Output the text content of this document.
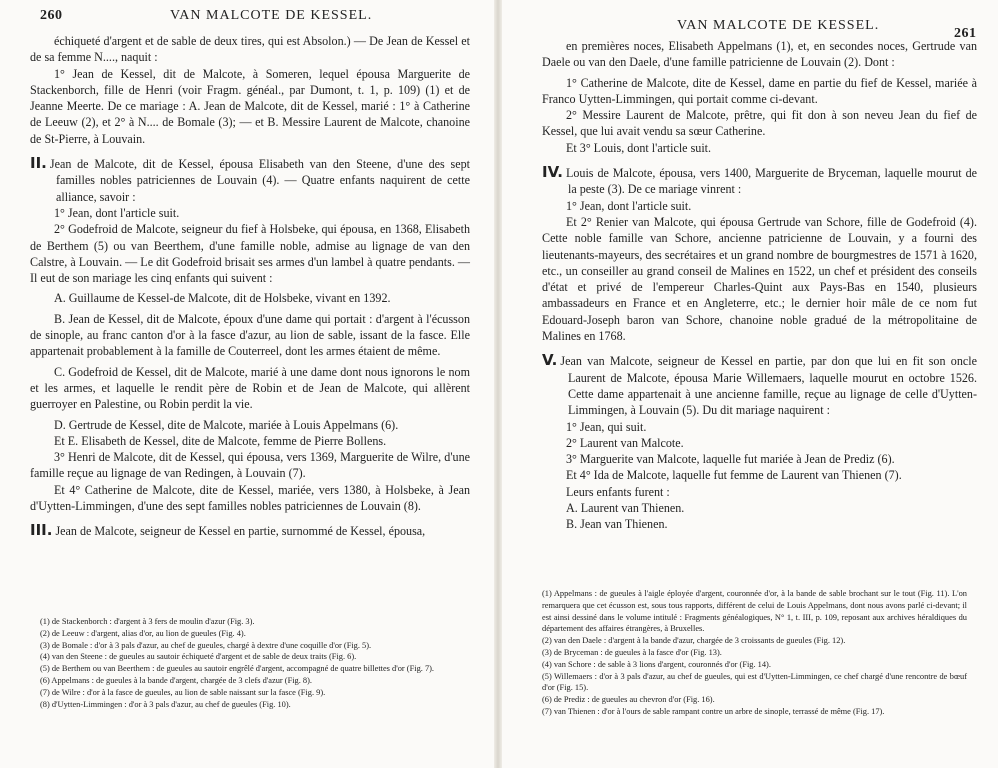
260	VAN MALCOTE DE KESSEL.

échiqueté d'argent et de sable de deux tires, qui est Absolon.) — De Jean de Kessel et de sa femme N...., naquit :

1° Jean de Kessel, dit de Malcote, à Someren, lequel épousa Marguerite de Stackenborch, fille de Henri (voir Fragm. généal., par Dumont, t. 1, p. 109) (1) et de Jeanne Meerte. De ce mariage : A. Jean de Malcote, dit de Kessel, marié : 1° à Catherine de Leeuw (2), et 2° à N.... de Bomale (3); — et B. Messire Laurent de Malcote, chanoine de St-Pierre, à Louvain.

II. Jean de Malcote, dit de Kessel, épousa Elisabeth van den Steene, d'une des sept familles nobles patriciennes de Louvain (4). — Quatre enfants naquirent de cette alliance, savoir :

1° Jean, dont l'article suit.

2° Godefroid de Malcote, seigneur du fief à Holsbeke, qui épousa, en 1368, Elisabeth de Berthem (5) ou van Beerthem, d'une famille noble, admise au lignage de van den Calstre, à Louvain. — Le dit Godefroid brisait ses armes d'un lambel à quatre pendants. — Il eut de son mariage les cinq enfants qui suivent :

A. Guillaume de Kessel-de Malcote, dit de Holsbeke, vivant en 1392.

B. Jean de Kessel, dit de Malcote, époux d'une dame qui portait : d'argent à l'écusson de sinople, au franc canton d'or à la fasce d'azur, au lion de sable, issant de la fasce. Elle appartenait probablement à la famille de Couterreel, dont les armes étaient de même.

C. Godefroid de Kessel, dit de Malcote, marié à une dame dont nous ignorons le nom et les armes, et laquelle le rendit père de Robin et de Jean de Malcote, qui allèrent guerroyer en Palestine, ou Robin perdit la vie.

D. Gertrude de Kessel, dite de Malcote, mariée à Louis Appelmans (6).

Et E. Elisabeth de Kessel, dite de Malcote, femme de Pierre Bollens.

3° Henri de Malcote, dit de Kessel, qui épousa, vers 1369, Marguerite de Wilre, d'une famille reçue au lignage de van Redingen, à Louvain (7).

Et 4° Catherine de Malcote, dite de Kessel, mariée, vers 1380, à Holsbeke, à Jean d'Uytten-Limmingen, d'une des sept familles nobles patriciennes de Louvain (8).

III. Jean de Malcote, seigneur de Kessel en partie, surnommé de Kessel, épousa,

(1) de Stackenborch : d'argent à 3 fers de moulin d'azur (Fig. 3).

(2) de Leeuw : d'argent, alias d'or, au lion de gueules (Fig. 4).

(3) de Bomale : d'or à 3 pals d'azur, au chef de gueules, chargé à dextre d'une coquille d'or (Fig. 5).

(4) van den Steene : de gueules au sautoir échiqueté d'argent et de sable de deux traits (Fig. 6).

(5) de Berthem ou van Beerthem : de gueules au sautoir engrêlé d'argent, accompagné de quatre billettes d'or (Fig. 7).

(6) Appelmans : de gueules à la bande d'argent, chargée de 3 clefs d'azur (Fig. 8).

(7) de Wilre : d'or à la fasce de gueules, au lion de sable naissant sur la fasce (Fig. 9).

(8) d'Uytten-Limmingen : d'or à 3 pals d'azur, au chef de gueules (Fig. 10).

VAN MALCOTE DE KESSEL.
261

en premières noces, Elisabeth Appelmans (1), et, en secondes noces, Gertrude van Daele ou van den Daele, d'une famille patricienne de Louvain (2). Dont :

1° Catherine de Malcote, dite de Kessel, dame en partie du fief de Kessel, mariée à Franco Uytten-Limmingen, qui portait comme ci-devant.

2° Messire Laurent de Malcote, prêtre, qui fit don à son neveu Jean du fief de Kessel, que lui avait vendu sa sœur Catherine.

Et 3° Louis, dont l'article suit.

IV. Louis de Malcote, épousa, vers 1400, Marguerite de Bryceman, laquelle mourut de la peste (3). De ce mariage vinrent :

1° Jean, dont l'article suit.

Et 2° Renier van Malcote, qui épousa Gertrude van Schore, fille de Godefroid (4). Cette noble famille van Schore, ancienne patricienne de Louvain, y a fourni des lieutenants-mayeurs, des secrétaires et un grand nombre de bourgmestres de 1571 à 1620, etc., un conseiller au grand conseil de Malines en 1522, un chef et président des conseils d'état et privé de l'empereur Charles-Quint aux Pays-Bas en 1540, plusieurs ambassadeurs en France et en Angleterre, etc.; le dernier hoir mâle de ce nom fut Edouard-Joseph baron van Schore, chanoine noble gradué de la métropolitaine de Malines en 1768.

V. Jean van Malcote, seigneur de Kessel en partie, par don que lui en fit son oncle Laurent de Malcote, épousa Marie Willemaers, laquelle mourut en octobre 1526. Cette dame appartenait à une ancienne famille, reçue au lignage de celle d'Uytten-Limmingen, à Louvain (5). Du dit mariage naquirent :

1° Jean, qui suit.

2° Laurent van Malcote.

3° Marguerite van Malcote, laquelle fut mariée à Jean de Prediz (6).

Et 4° Ida de Malcote, laquelle fut femme de Laurent van Thienen (7).

Leurs enfants furent :

A. Laurent van Thienen.

B. Jean van Thienen.

(1) Appelmans : de gueules à l'aigle éployée d'argent, couronnée d'or, à la bande de sable brochant sur le tout (Fig. 11). L'on remarquera que cet écusson est, sous tous rapports, différent de celui de Louis Appelmans, dont nous avons parlé ci-devant; il est ainsi dessiné dans le volume intitulé : Fragments généalogiques, N° 1, t. III, p. 109, reposant aux archives héraldiques du département des affaires étrangères, à Bruxelles.

(2) van den Daele : d'argent à la bande d'azur, chargée de 3 croissants de gueules (Fig. 12).

(3) de Bryceman : de gueules à la fasce d'or (Fig. 13).

(4) van Schore : de sable à 3 lions d'argent, couronnés d'or (Fig. 14).

(5) Willemaers : d'or à 3 pals d'azur, au chef de gueules, qui est d'Uytten-Limmingen, ce chef chargé d'une rencontre de bœuf d'or (Fig. 15).

(6) de Prediz : de gueules au chevron d'or (Fig. 16).

(7) van Thienen : d'or à l'ours de sable rampant contre un arbre de sinople, terrassé de même (Fig. 17).
